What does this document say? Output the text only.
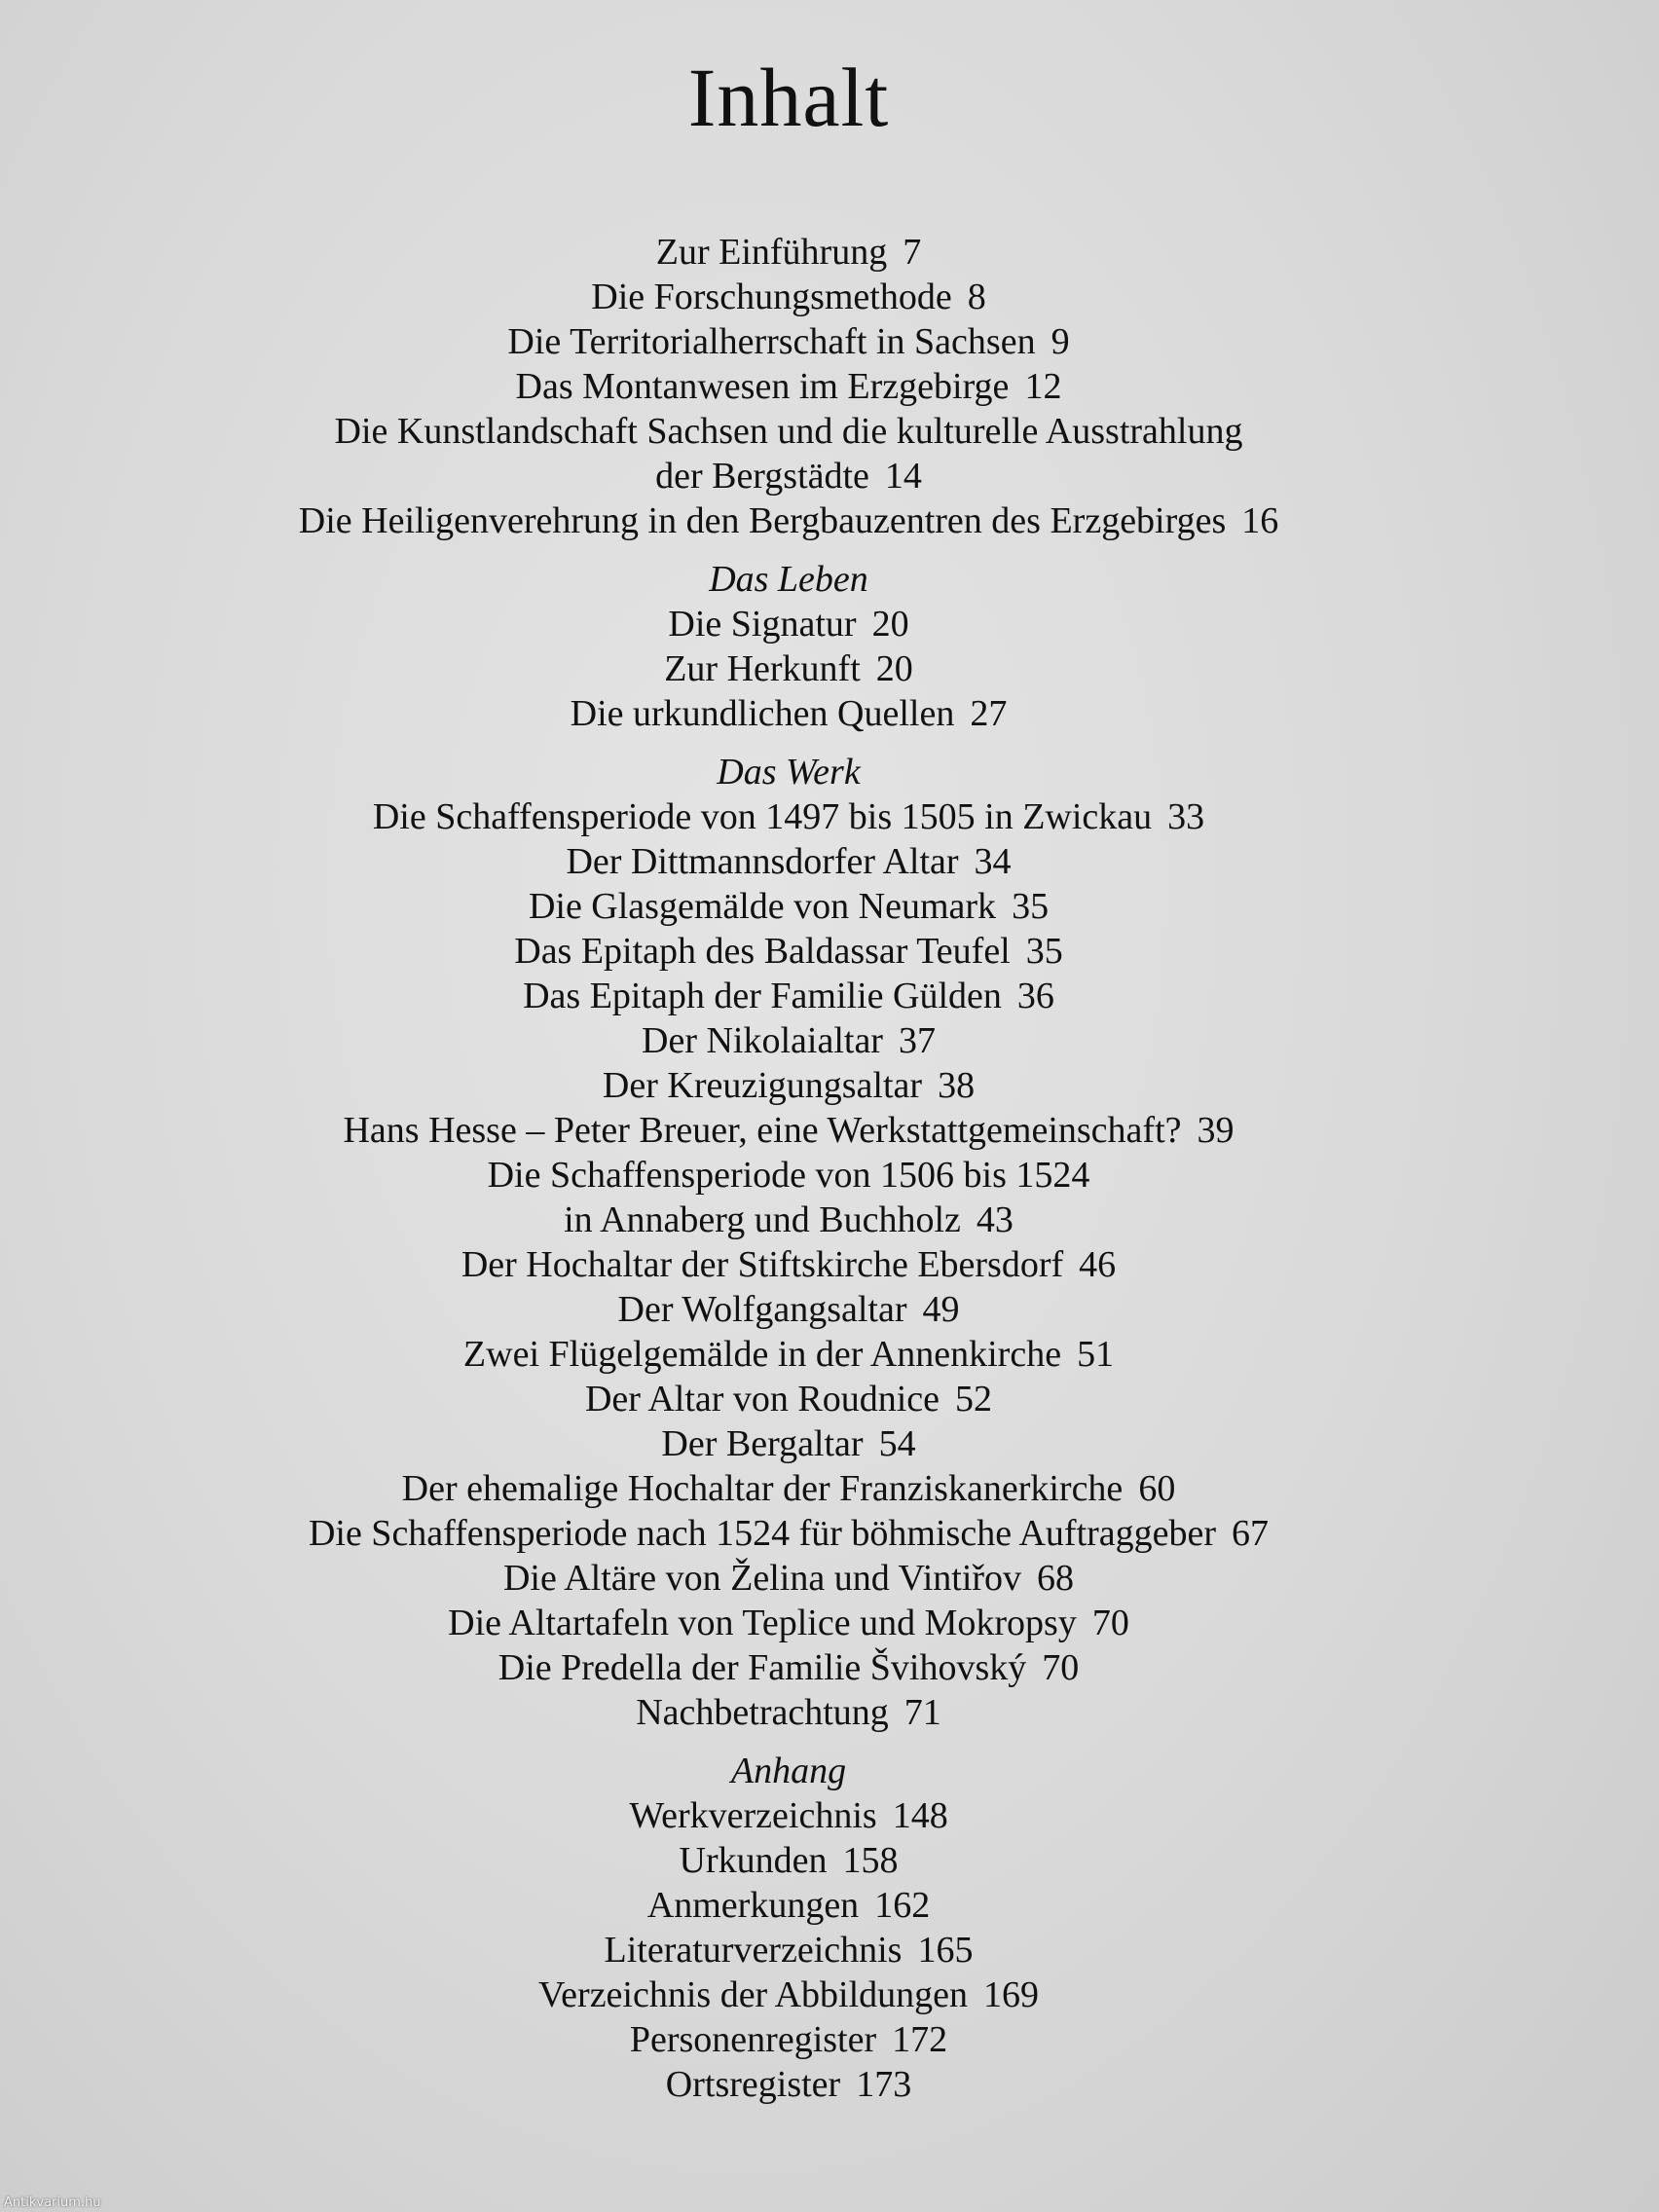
Inhalt
Zur Einführung 7
Die Forschungsmethode 8
Die Territorialherrschaft in Sachsen 9
Das Montanwesen im Erzgebirge 12
Die Kunstlandschaft Sachsen und die kulturelle Ausstrahlung
der Bergstädte 14
Die Heiligenverehrung in den Bergbauzentren des Erzgebirges 16
Das Leben
Die Signatur 20
Zur Herkunft 20
Die urkundlichen Quellen 27
Das Werk
Die Schaffensperiode von 1497 bis 1505 in Zwickau 33
Der Dittmannsdorfer Altar 34
Die Glasgemälde von Neumark 35
Das Epitaph des Baldassar Teufel 35
Das Epitaph der Familie Gülden 36
Der Nikolaialtar 37
Der Kreuzigungsaltar 38
Hans Hesse – Peter Breuer, eine Werkstattgemeinschaft? 39
Die Schaffensperiode von 1506 bis 1524
in Annaberg und Buchholz 43
Der Hochaltar der Stiftskirche Ebersdorf 46
Der Wolfgangsaltar 49
Zwei Flügelgemälde in der Annenkirche 51
Der Altar von Roudnice 52
Der Bergaltar 54
Der ehemalige Hochaltar der Franziskanerkirche 60
Die Schaffensperiode nach 1524 für böhmische Auftraggeber 67
Die Altäre von Želina und Vintiřov 68
Die Altartafeln von Teplice und Mokropsy 70
Die Predella der Familie Švihovský 70
Nachbetrachtung 71
Anhang
Werkverzeichnis 148
Urkunden 158
Anmerkungen 162
Literaturverzeichnis 165
Verzeichnis der Abbildungen 169
Personenregister 172
Ortsregister 173
Antikvarium.hu
